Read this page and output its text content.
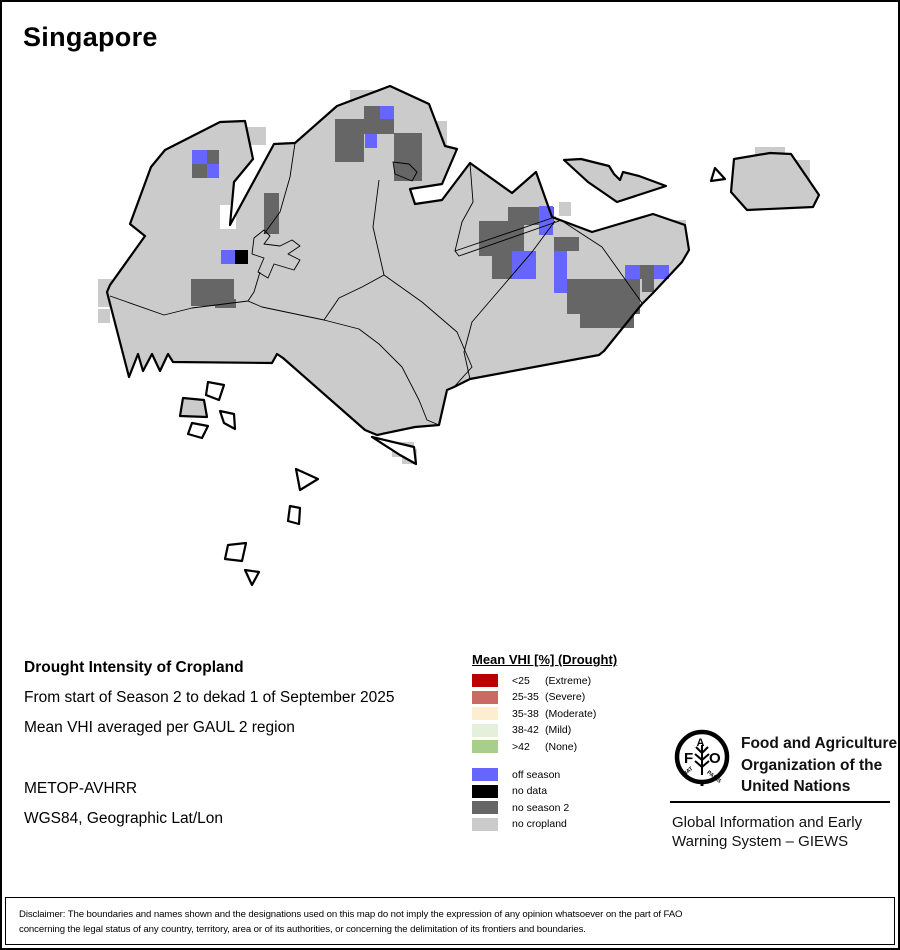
Singapore
Drought Intensity of Cropland
From start of Season 2 to dekad 1 of September 2025
Mean VHI averaged per GAUL 2 region
METOP-AVHRR
WGS84, Geographic Lat/Lon
Mean VHI [%] (Drought)
<25	(Extreme)
25-35 (Severe)
35-38 (Moderate)
38-42 (Mild)
>42	(None)
off season
no data
no season 2
no cropland
F
A
O
FIAT PANIS
Food and Agriculture
Organization of the
United Nations
Global Information and Early
Warning System – GIEWS
Disclaimer: The boundaries and names shown and the designations used on this map do not imply the expression of any opinion whatsoever on the part of FAO
concerning the legal status of any country, territory, area or of its authorities, or concerning the delimitation of its frontiers and boundaries.
